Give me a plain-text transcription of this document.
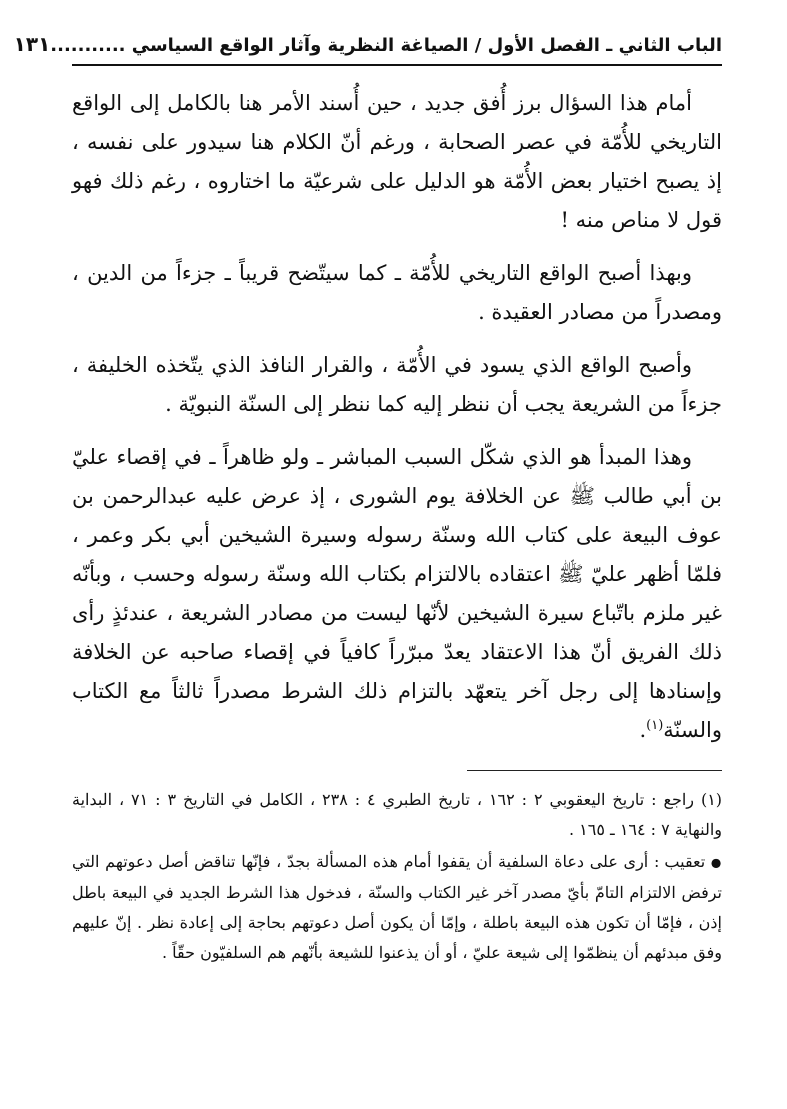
الباب الثاني ـ الفصل الأول / الصياغة النظرية وآثار الواقع السياسي ...........
١٣١

أمام هذا السؤال برز أُفق جديد ، حين أُسند الأمر هنا بالكامل إلى الواقع التاريخي للأُمّة في عصر الصحابة ، ورغم أنّ الكلام هنا سيدور على نفسه ، إذ يصبح اختيار بعض الأُمّة هو الدليل على شرعيّة ما اختاروه ، رغم ذلك فهو قول لا مناص منه !

وبهذا أصبح الواقع التاريخي للأُمّة ـ كما سيتّضح قريباً ـ جزءاً من الدين ، ومصدراً من مصادر العقيدة .

وأصبح الواقع الذي يسود في الأُمّة ، والقرار النافذ الذي يتّخذه الخليفة ، جزءاً من الشريعة يجب أن ننظر إليه كما ننظر إلى السنّة النبويّة .

وهذا المبدأ هو الذي شكّل السبب المباشر ـ ولو ظاهراً ـ في إقصاء عليّ بن أبي طالب ﷺ عن الخلافة يوم الشورى ، إذ عرض عليه عبدالرحمن بن عوف البيعة على كتاب الله وسنّة رسوله وسيرة الشيخين أبي بكر وعمر ، فلمّا أظهر عليّ ﷺ اعتقاده بالالتزام بكتاب الله وسنّة رسوله وحسب ، وبأنّه غير ملزم باتّباع سيرة الشيخين لأنّها ليست من مصادر الشريعة ، عندئذٍ رأى ذلك الفريق أنّ هذا الاعتقاد يعدّ مبرّراً كافياً في إقصاء صاحبه عن الخلافة وإسنادها إلى رجل آخر يتعهّد بالتزام ذلك الشرط مصدراً ثالثاً مع الكتاب والسنّة$^{(١)}$.

(١) راجع : تاريخ اليعقوبي ٢ : ١٦٢ ، تاريخ الطبري ٤ : ٢٣٨ ، الكامل في التاريخ ٣ : ٧١ ، البداية والنهاية ٧ : ١٦٤ ـ ١٦٥ .

● تعقيب : أرى على دعاة السلفية أن يقفوا أمام هذه المسألة بجدّ ، فإنّها تناقض أصل دعوتهم التي ترفض الالتزام التامّ بأيّ مصدر آخر غير الكتاب والسنّة ، فدخول هذا الشرط الجديد في البيعة باطل إذن ، فإمّا أن تكون هذه البيعة باطلة ، وإمّا أن يكون أصل دعوتهم بحاجة إلى إعادة نظر . إنّ عليهم وفق مبدئهم أن ينظمّوا إلى شيعة عليّ ، أو أن يذعنوا للشيعة بأنّهم هم السلفيّون حقّاً .
